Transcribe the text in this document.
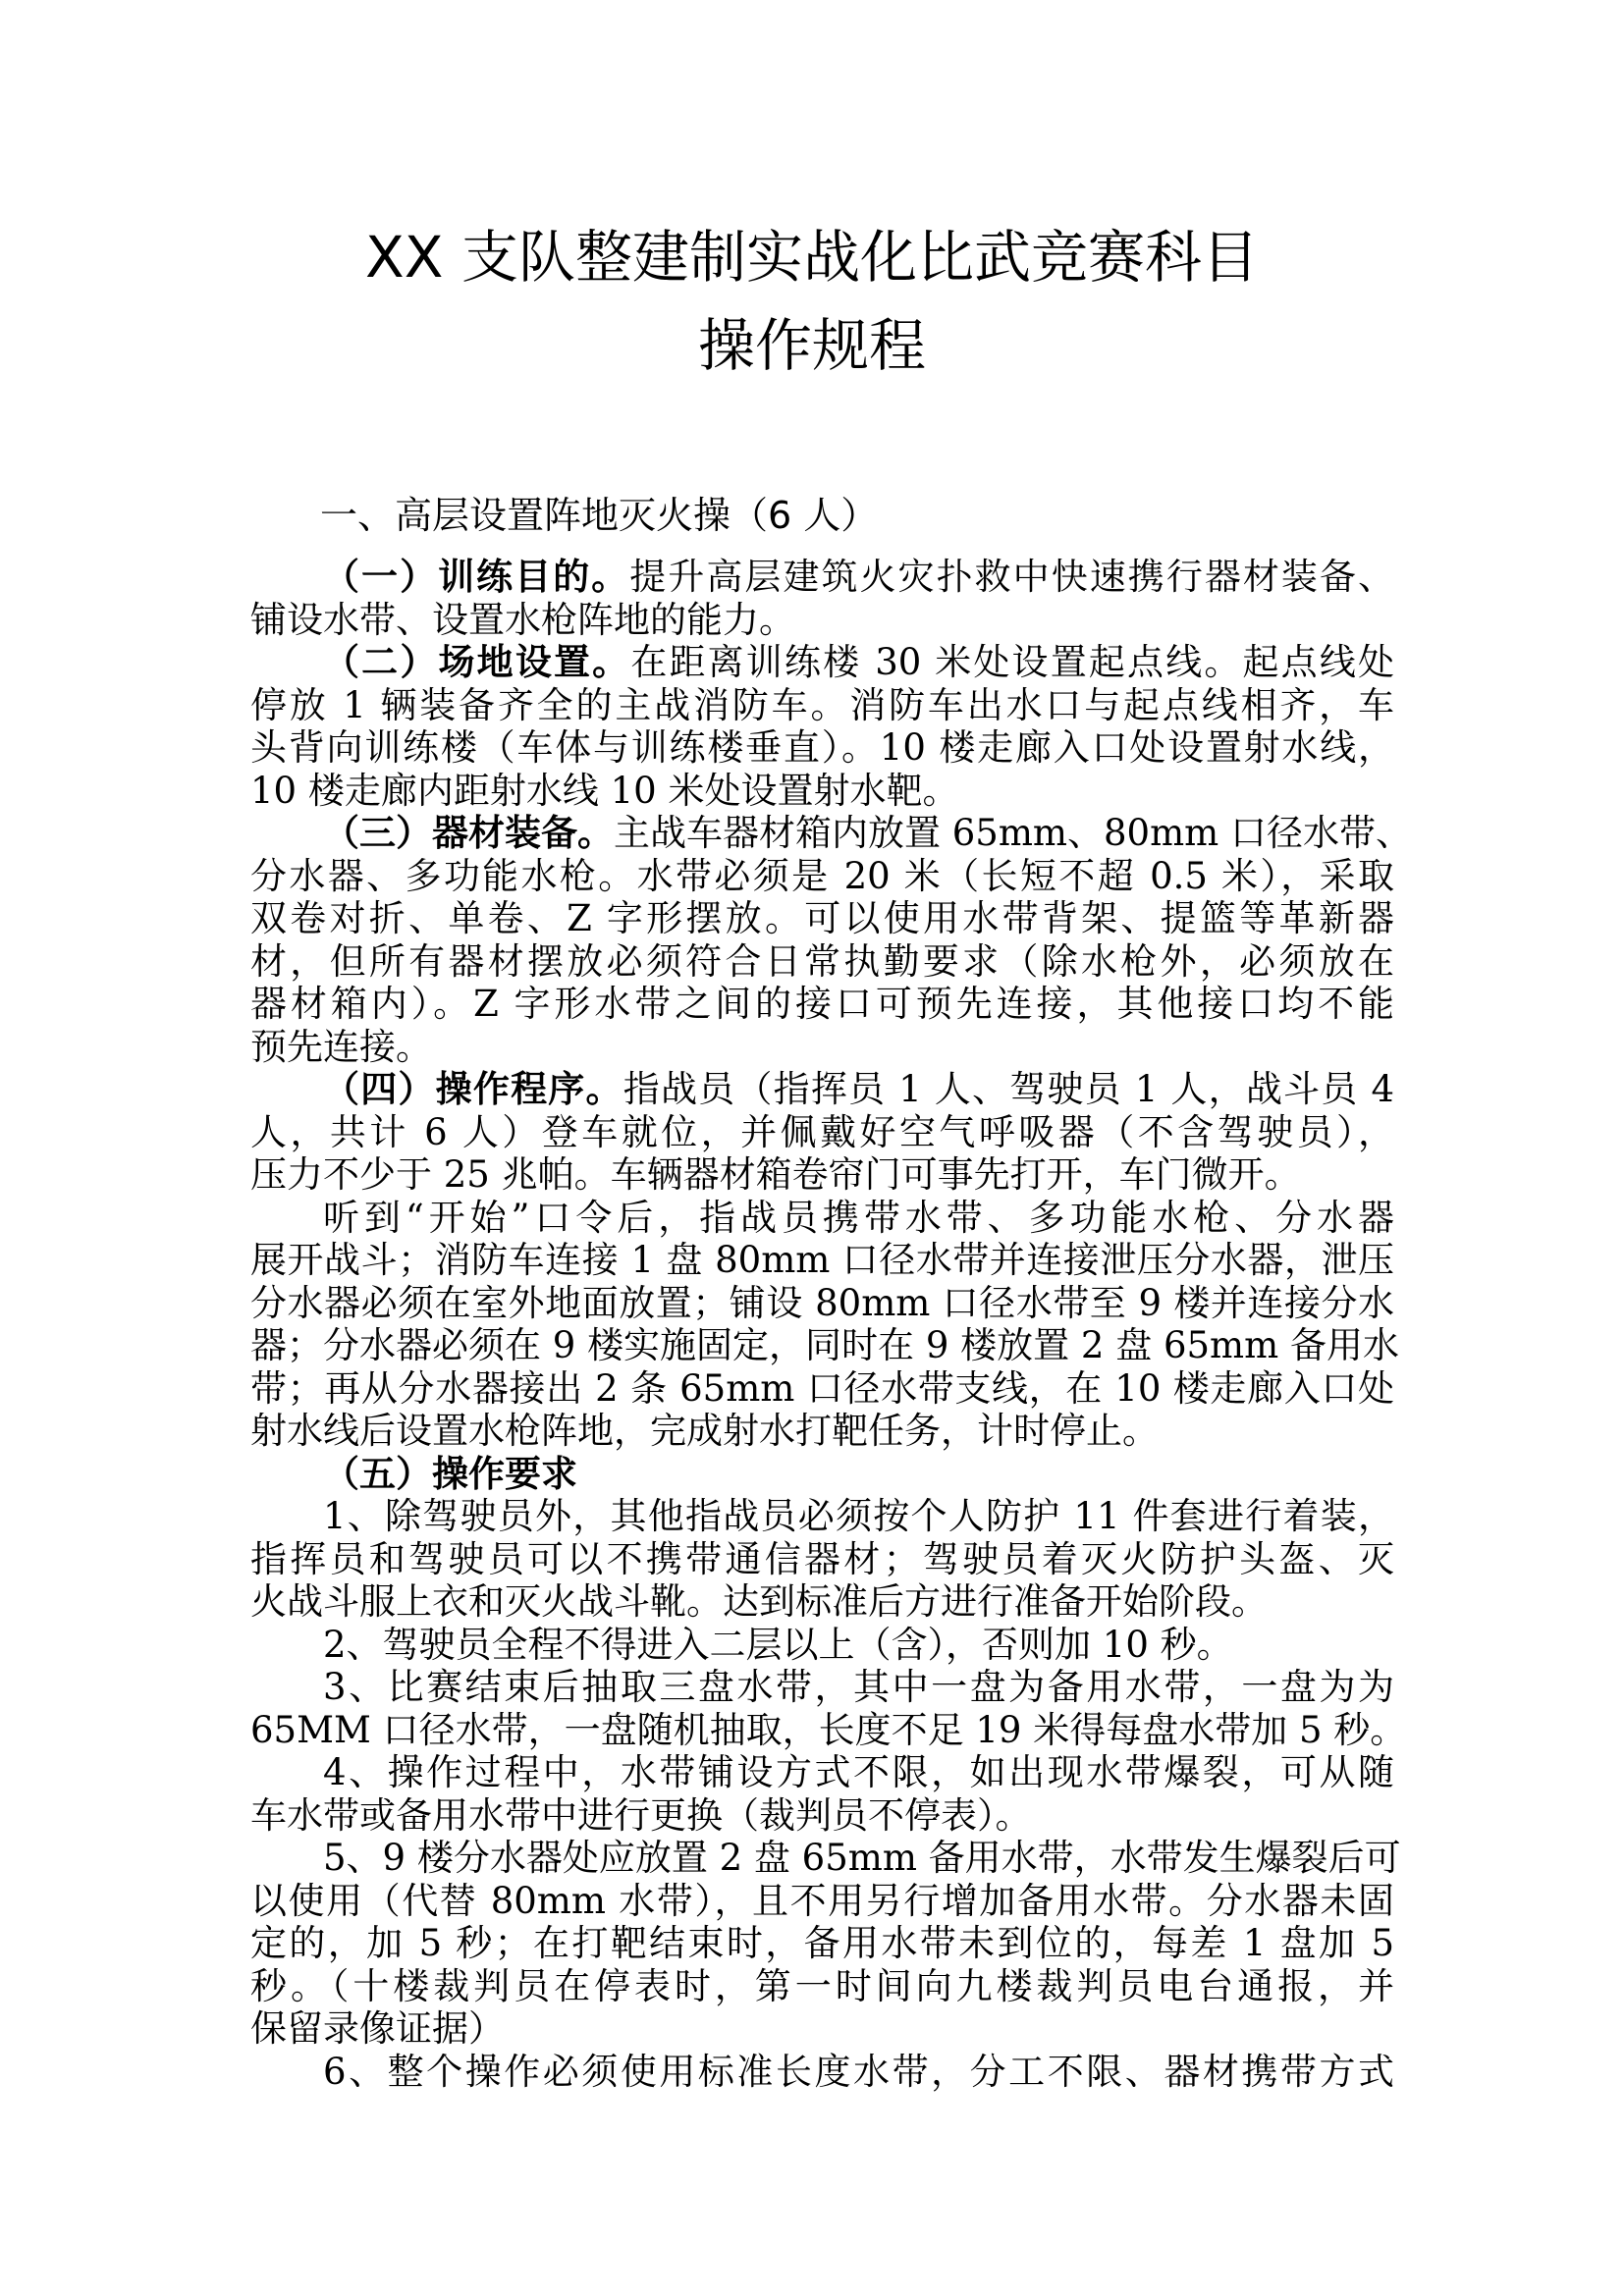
XX 支队整建制实战化比武竞赛科目
操作规程
一、高层设置阵地灭火操（6 人）
（一）训练目的。提升高层建筑火灾扑救中快速携行器材装备、
铺设水带、设置水枪阵地的能力。
（二）场地设置。在距离训练楼 30 米处设置起点线。起点线处
停放 1 辆装备齐全的主战消防车。消防车出水口与起点线相齐，车
头背向训练楼（车体与训练楼垂直）。10 楼走廊入口处设置射水线，
10 楼走廊内距射水线 10 米处设置射水靶。
（三）器材装备。主战车器材箱内放置 65mm、80mm 口径水带、
分水器、多功能水枪。水带必须是 20 米（长短不超 0.5 米），采取
双卷对折、单卷、Z 字形摆放。可以使用水带背架、提篮等革新器
材，但所有器材摆放必须符合日常执勤要求（除水枪外，必须放在
器材箱内）。Z 字形水带之间的接口可预先连接，其他接口均不能
预先连接。
（四）操作程序。指战员（指挥员 1 人、驾驶员 1 人，战斗员 4
人，共计 6 人）登车就位，并佩戴好空气呼吸器（不含驾驶员），
压力不少于 25 兆帕。车辆器材箱卷帘门可事先打开，车门微开。
听到“开始”口令后，指战员携带水带、多功能水枪、分水器
展开战斗；消防车连接 1 盘 80mm 口径水带并连接泄压分水器，泄压
分水器必须在室外地面放置；铺设 80mm 口径水带至 9 楼并连接分水
器；分水器必须在 9 楼实施固定，同时在 9 楼放置 2 盘 65mm 备用水
带；再从分水器接出 2 条 65mm 口径水带支线，在 10 楼走廊入口处
射水线后设置水枪阵地，完成射水打靶任务，计时停止。
（五）操作要求
1、除驾驶员外，其他指战员必须按个人防护 11 件套进行着装，
指挥员和驾驶员可以不携带通信器材；驾驶员着灭火防护头盔、灭
火战斗服上衣和灭火战斗靴。达到标准后方进行准备开始阶段。
2、驾驶员全程不得进入二层以上（含），否则加 10 秒。
3、比赛结束后抽取三盘水带，其中一盘为备用水带，一盘为为
65MM 口径水带，一盘随机抽取，长度不足 19 米得每盘水带加 5 秒。
4、操作过程中，水带铺设方式不限，如出现水带爆裂，可从随
车水带或备用水带中进行更换（裁判员不停表）。
5、9 楼分水器处应放置 2 盘 65mm 备用水带，水带发生爆裂后可
以使用（代替 80mm 水带），且不用另行增加备用水带。分水器未固
定的，加 5 秒；在打靶结束时，备用水带未到位的，每差 1 盘加 5
秒。（十楼裁判员在停表时，第一时间向九楼裁判员电台通报，并
保留录像证据）
6、整个操作必须使用标准长度水带，分工不限、器材携带方式
